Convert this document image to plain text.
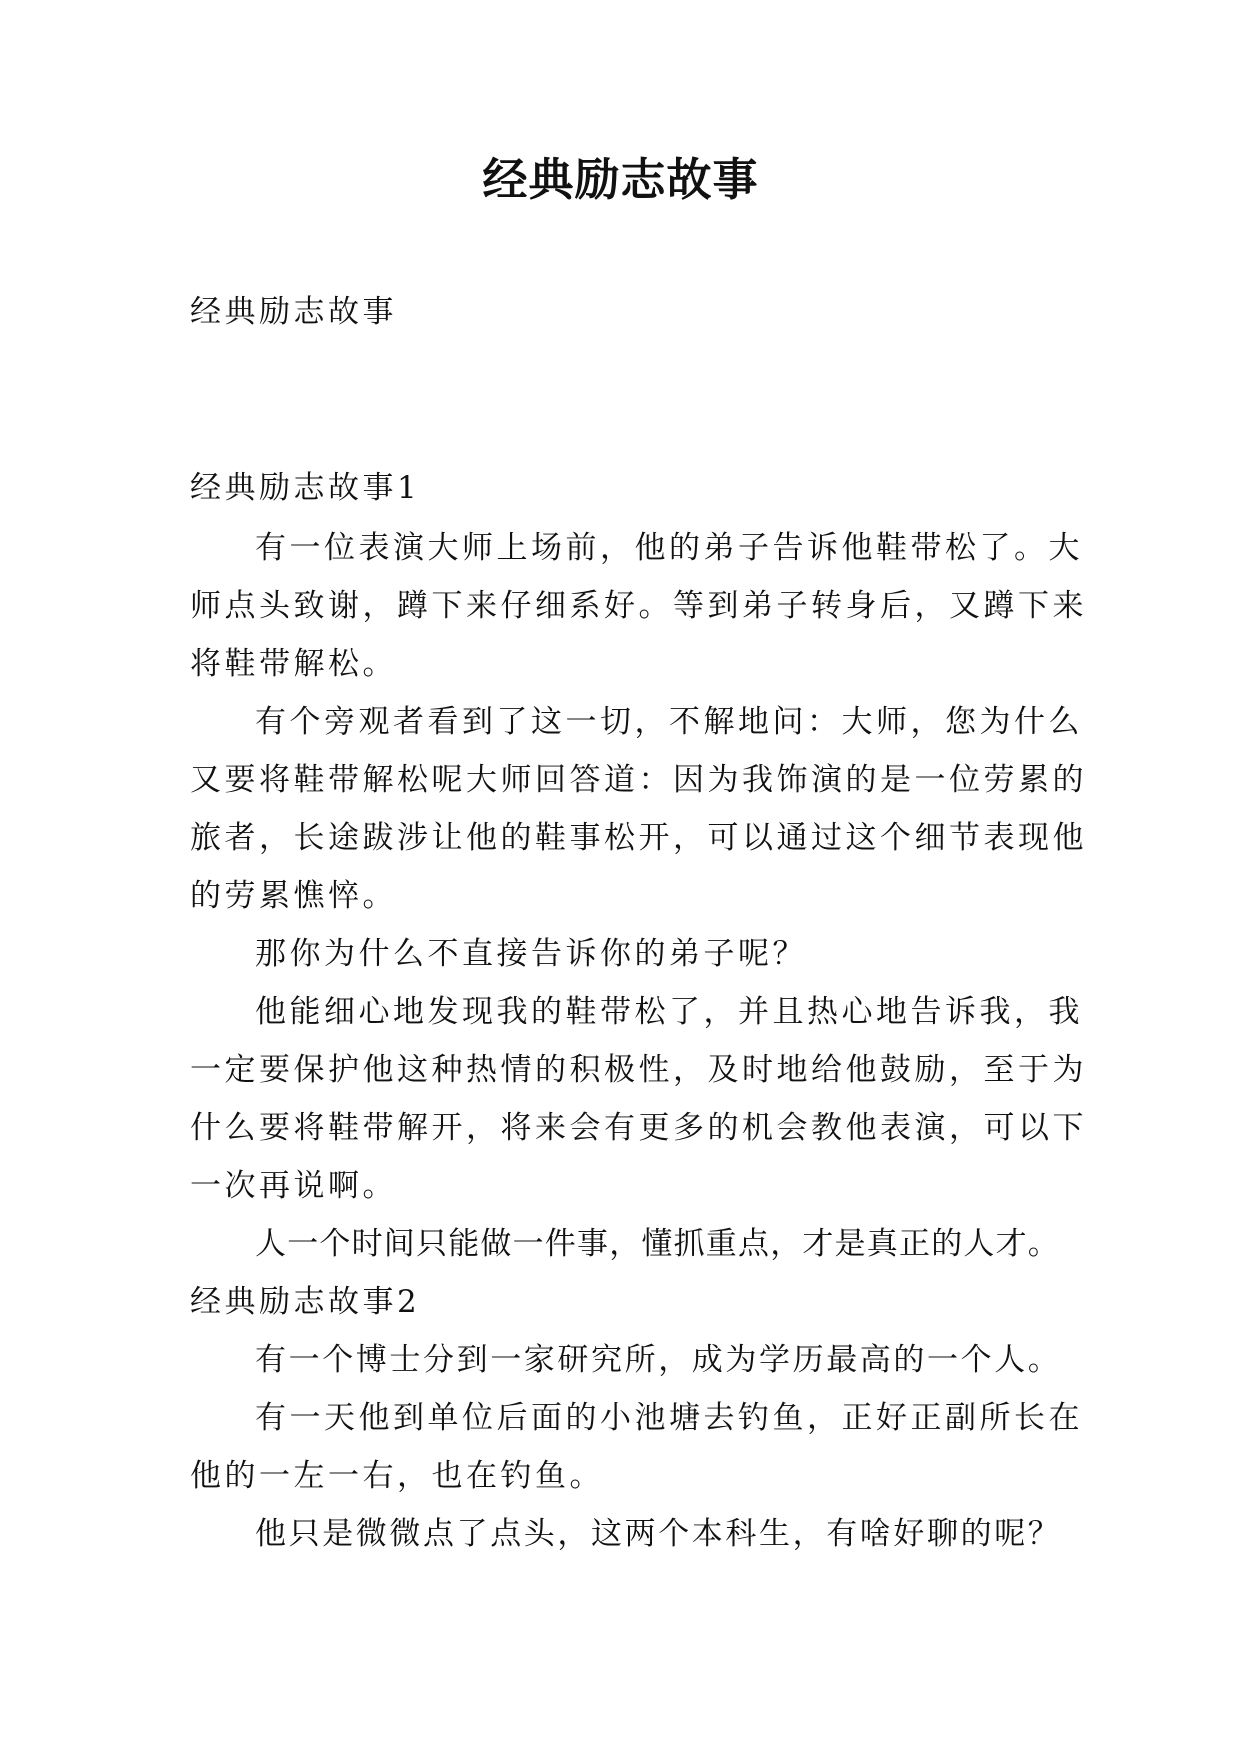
经典励志故事
经典励志故事
经典励志故事1
有一位表演大师上场前，他的弟子告诉他鞋带松了。大
师点头致谢，蹲下来仔细系好。等到弟子转身后，又蹲下来
将鞋带解松。
有个旁观者看到了这一切，不解地问：大师，您为什么
又要将鞋带解松呢大师回答道：因为我饰演的是一位劳累的
旅者，长途跋涉让他的鞋事松开，可以通过这个细节表现他
的劳累憔悴。
那你为什么不直接告诉你的弟子呢？
他能细心地发现我的鞋带松了，并且热心地告诉我，我
一定要保护他这种热情的积极性，及时地给他鼓励，至于为
什么要将鞋带解开，将来会有更多的机会教他表演，可以下
一次再说啊。
人一个时间只能做一件事，懂抓重点，才是真正的人才。
经典励志故事2
有一个博士分到一家研究所，成为学历最高的一个人。
有一天他到单位后面的小池塘去钓鱼，正好正副所长在
他的一左一右，也在钓鱼。
他只是微微点了点头，这两个本科生，有啥好聊的呢？
